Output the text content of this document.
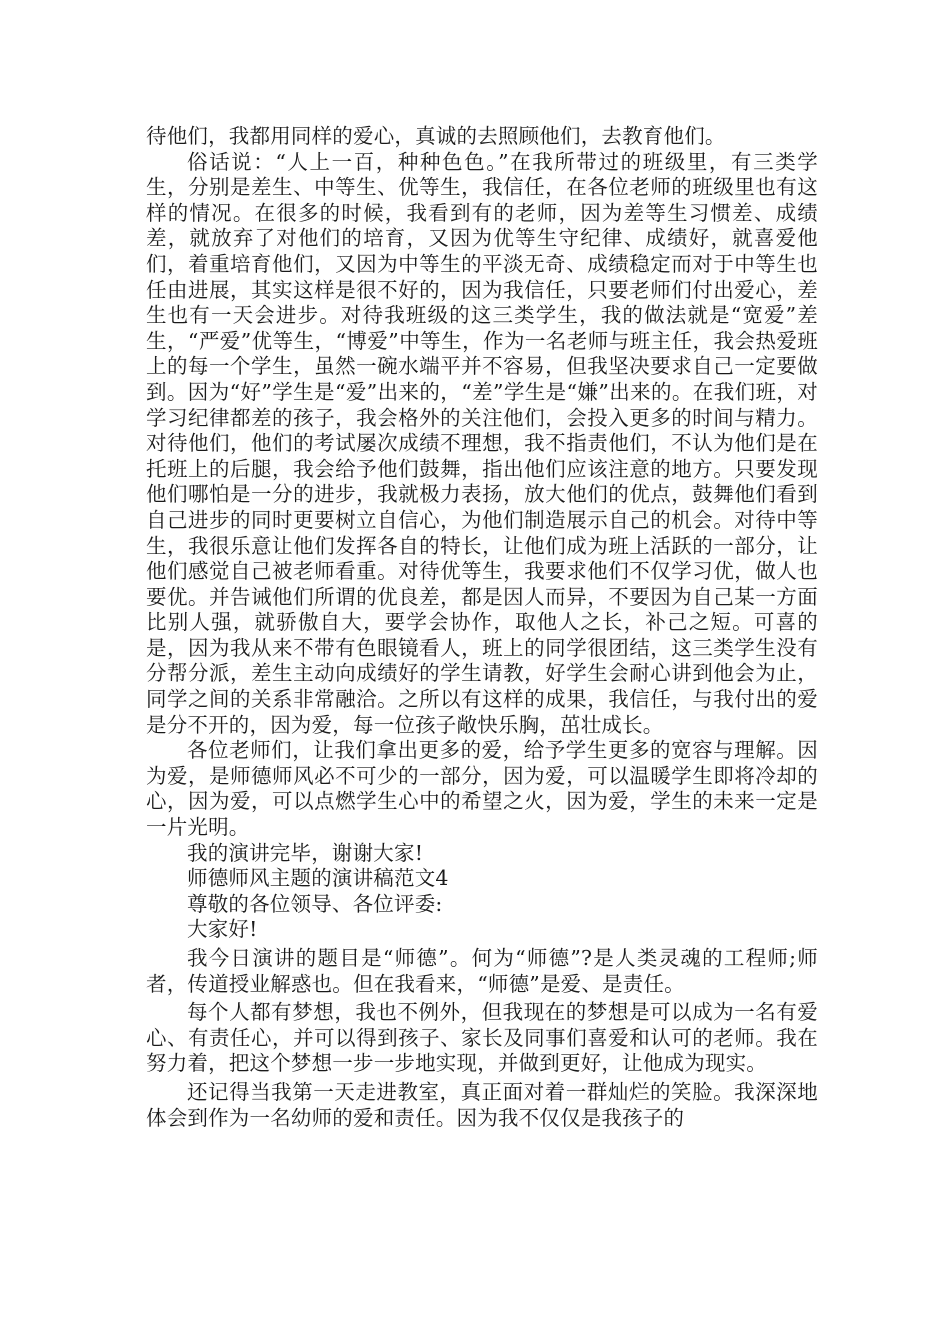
待他们，我都用同样的爱心，真诚的去照顾他们，去教育他们。

俗话说：“人上一百，种种色色。”在我所带过的班级里，有三类学生，分别是差生、中等生、优等生，我信任，在各位老师的班级里也有这样的情况。在很多的时候，我看到有的老师，因为差等生习惯差、成绩差，就放弃了对他们的培育，又因为优等生守纪律、成绩好，就喜爱他们，着重培育他们，又因为中等生的平淡无奇、成绩稳定而对于中等生也任由进展，其实这样是很不好的，因为我信任，只要老师们付出爱心，差生也有一天会进步。对待我班级的这三类学生，我的做法就是“宽爱”差生，“严爱”优等生，“博爱”中等生，作为一名老师与班主任，我会热爱班上的每一个学生，虽然一碗水端平并不容易，但我坚决要求自己一定要做到。因为“好”学生是“爱”出来的，“差”学生是“嫌”出来的。在我们班，对学习纪律都差的孩子，我会格外的关注他们，会投入更多的时间与精力。对待他们，他们的考试屡次成绩不理想，我不指责他们，不认为他们是在托班上的后腿，我会给予他们鼓舞，指出他们应该注意的地方。只要发现他们哪怕是一分的进步，我就极力表扬，放大他们的优点，鼓舞他们看到自己进步的同时更要树立自信心，为他们制造展示自己的机会。对待中等生，我很乐意让他们发挥各自的特长，让他们成为班上活跃的一部分，让他们感觉自己被老师看重。对待优等生，我要求他们不仅学习优，做人也要优。并告诫他们所谓的优良差，都是因人而异，不要因为自己某一方面比别人强，就骄傲自大，要学会协作，取他人之长，补己之短。可喜的是，因为我从来不带有色眼镜看人，班上的同学很团结，这三类学生没有分帮分派，差生主动向成绩好的学生请教，好学生会耐心讲到他会为止，同学之间的关系非常融洽。之所以有这样的成果，我信任，与我付出的爱是分不开的，因为爱，每一位孩子敞快乐胸，茁壮成长。

各位老师们，让我们拿出更多的爱，给予学生更多的宽容与理解。因为爱，是师德师风必不可少的一部分，因为爱，可以温暖学生即将冷却的心，因为爱，可以点燃学生心中的希望之火，因为爱，学生的未来一定是一片光明。

我的演讲完毕，谢谢大家!

师德师风主题的演讲稿范文4

尊敬的各位领导、各位评委:

大家好!

我今日演讲的题目是“师德”。何为“师德”?是人类灵魂的工程师;师者，传道授业解惑也。但在我看来，“师德”是爱、是责任。

每个人都有梦想，我也不例外，但我现在的梦想是可以成为一名有爱心、有责任心，并可以得到孩子、家长及同事们喜爱和认可的老师。我在努力着，把这个梦想一步一步地实现，并做到更好，让他成为现实。

还记得当我第一天走进教室，真正面对着一群灿烂的笑脸。我深深地体会到作为一名幼师的爱和责任。因为我不仅仅是我孩子的
